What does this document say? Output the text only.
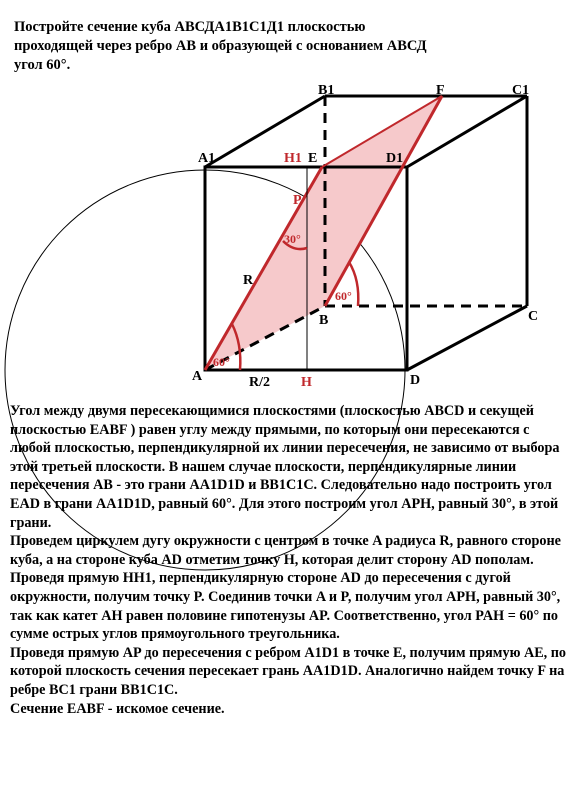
B1	F	C1
A1	H1 E	D1
P
R
B	C
A	R/2 H	D
30°
60°
60°

Постройте сечение куба АВСДА1В1С1Д1 плоскостью

проходящей через ребро АВ и образующей с основанием АВСД

угол 60°.

Угол между двумя пересекающимися плоскостями (плоскостью ABCD и секущей плоскостью EABF ) равен углу между прямыми, по которым они пересекаются с любой плоскостью, перпендикулярной их линии пересечения, не зависимо от выбора этой третьей плоскости. В нашем случае плоскости, перпендикулярные линии пересечения AB - это грани AA1D1D и BB1C1C. Следовательно надо построить угол EAD в грани AA1D1D, равный 60°. Для этого построим угол APH, равный 30°, в этой грани.

Проведем циркулем дугу окружности с центром в точке A радиуса R, равного стороне куба, а на стороне куба AD отметим точку H, которая делит сторону AD пополам. Проведя прямую HH1, перпендикулярную стороне AD до пересечения с дугой окружности, получим точку P. Соединив точки A и P, получим угол APH, равный 30°, так как катет AH равен половине гипотенузы AP. Соответственно, угол PAH = 60° по сумме острых углов прямоугольного треугольника.

Проведя прямую AP до пересечения с ребром A1D1 в точке E, получим прямую AE, по которой плоскость сечения пересекает грань AA1D1D. Аналогично найдем точку F на ребре BC1 грани BB1C1C.

Сечение EABF - искомое сечение.
